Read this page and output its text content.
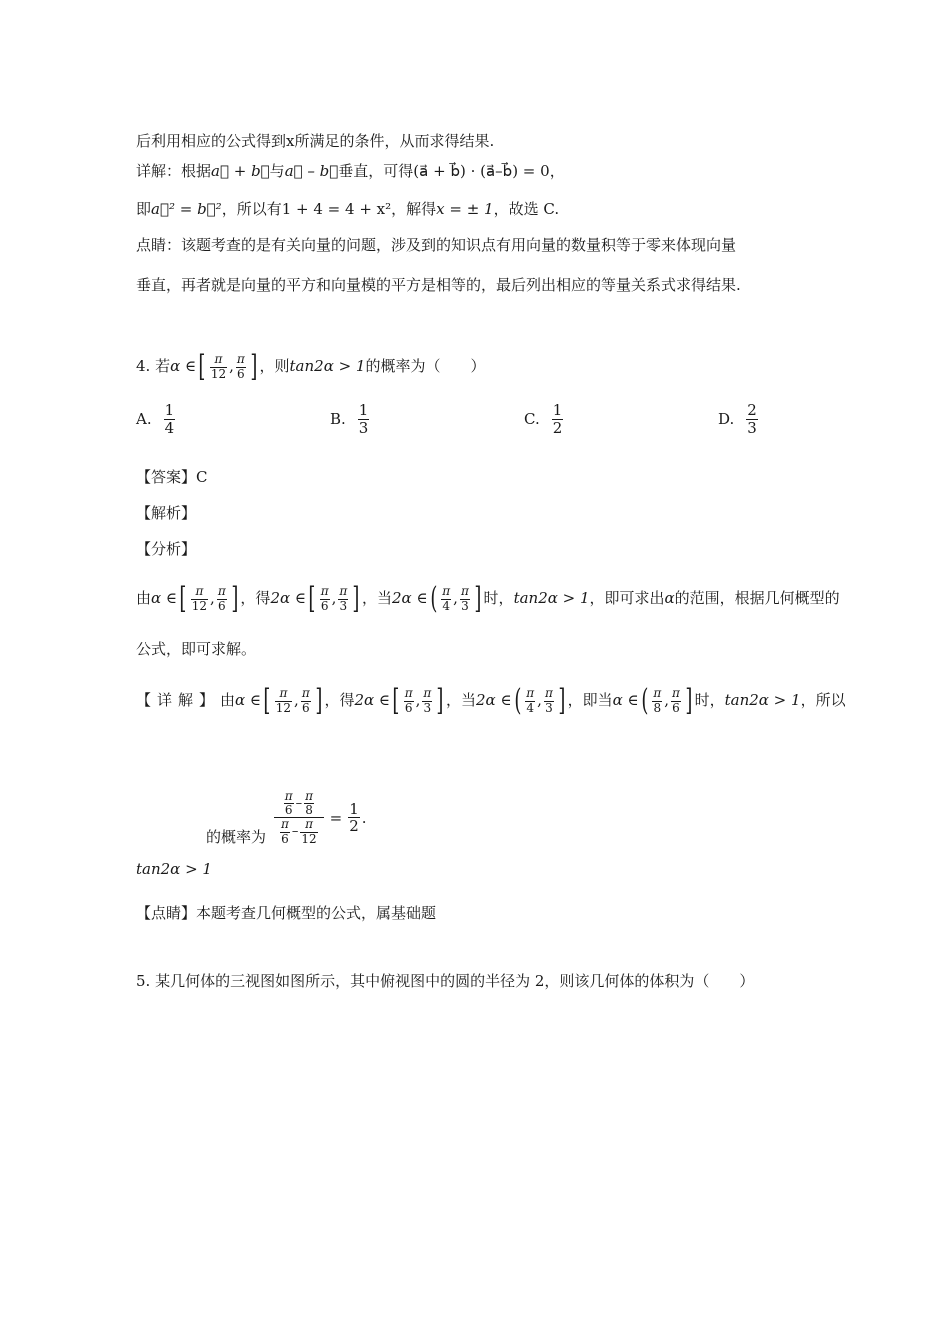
后利用相应的公式得到x所满足的条件，从而求得结果.
详解：根据a⃗ + b⃗与a⃗ – b⃗垂直，可得(a⃗ + b⃗) · (a⃗–b⃗) = 0，
即a⃗² = b⃗²，所以有1 + 4 = 4 + x²，解得x = ± 1，故选 C.
点睛：该题考查的是有关向量的问题，涉及到的知识点有用向量的数量积等于零来体现向量
垂直，再者就是向量的平方和向量模的平方是相等的，最后列出相应的等量关系式求得结果.
4. 若α ∈[ $\frac{\pi}{12}$ , $\frac{\pi}{6}$ ] ，则tan2α > 1的概率为（　　）
A. $\frac{1}{4}$	B. $\frac{1}{3}$	C. $\frac{1}{2}$	D. $\frac{2}{3}$
【答案】C
【解析】
【分析】
由α ∈[ $\frac{\pi}{12}$ , $\frac{\pi}{6}$ ] ，得2α ∈[ $\frac{\pi}{6}$ , $\frac{\pi}{3}$ ] ，当2α ∈( $\frac{\pi}{4}$ , $\frac{\pi}{3}$ ] 时，tan2α > 1，即可求出α的范围，根据几何概型的
公式，即可求解。
【详解】由α ∈[ $\frac{\pi}{12}$ , $\frac{\pi}{6}$ ] ，得2α ∈[ $\frac{\pi}{6}$ , $\frac{\pi}{3}$ ] ，当2α ∈( $\frac{\pi}{4}$ , $\frac{\pi}{3}$ ] ，即当α ∈( $\frac{\pi}{8}$ , $\frac{\pi}{6}$ ] 时，tan2α > 1，所以
的概率为 $\frac{\frac{\pi}{6} - \frac{\pi}{8}}{\frac{\pi}{6} - \frac{\pi}{12}} = \frac{1}{2}$ .
tan2α > 1
【点睛】本题考查几何概型的公式，属基础题
5. 某几何体的三视图如图所示，其中俯视图中的圆的半径为 2，则该几何体的体积为（　　）
